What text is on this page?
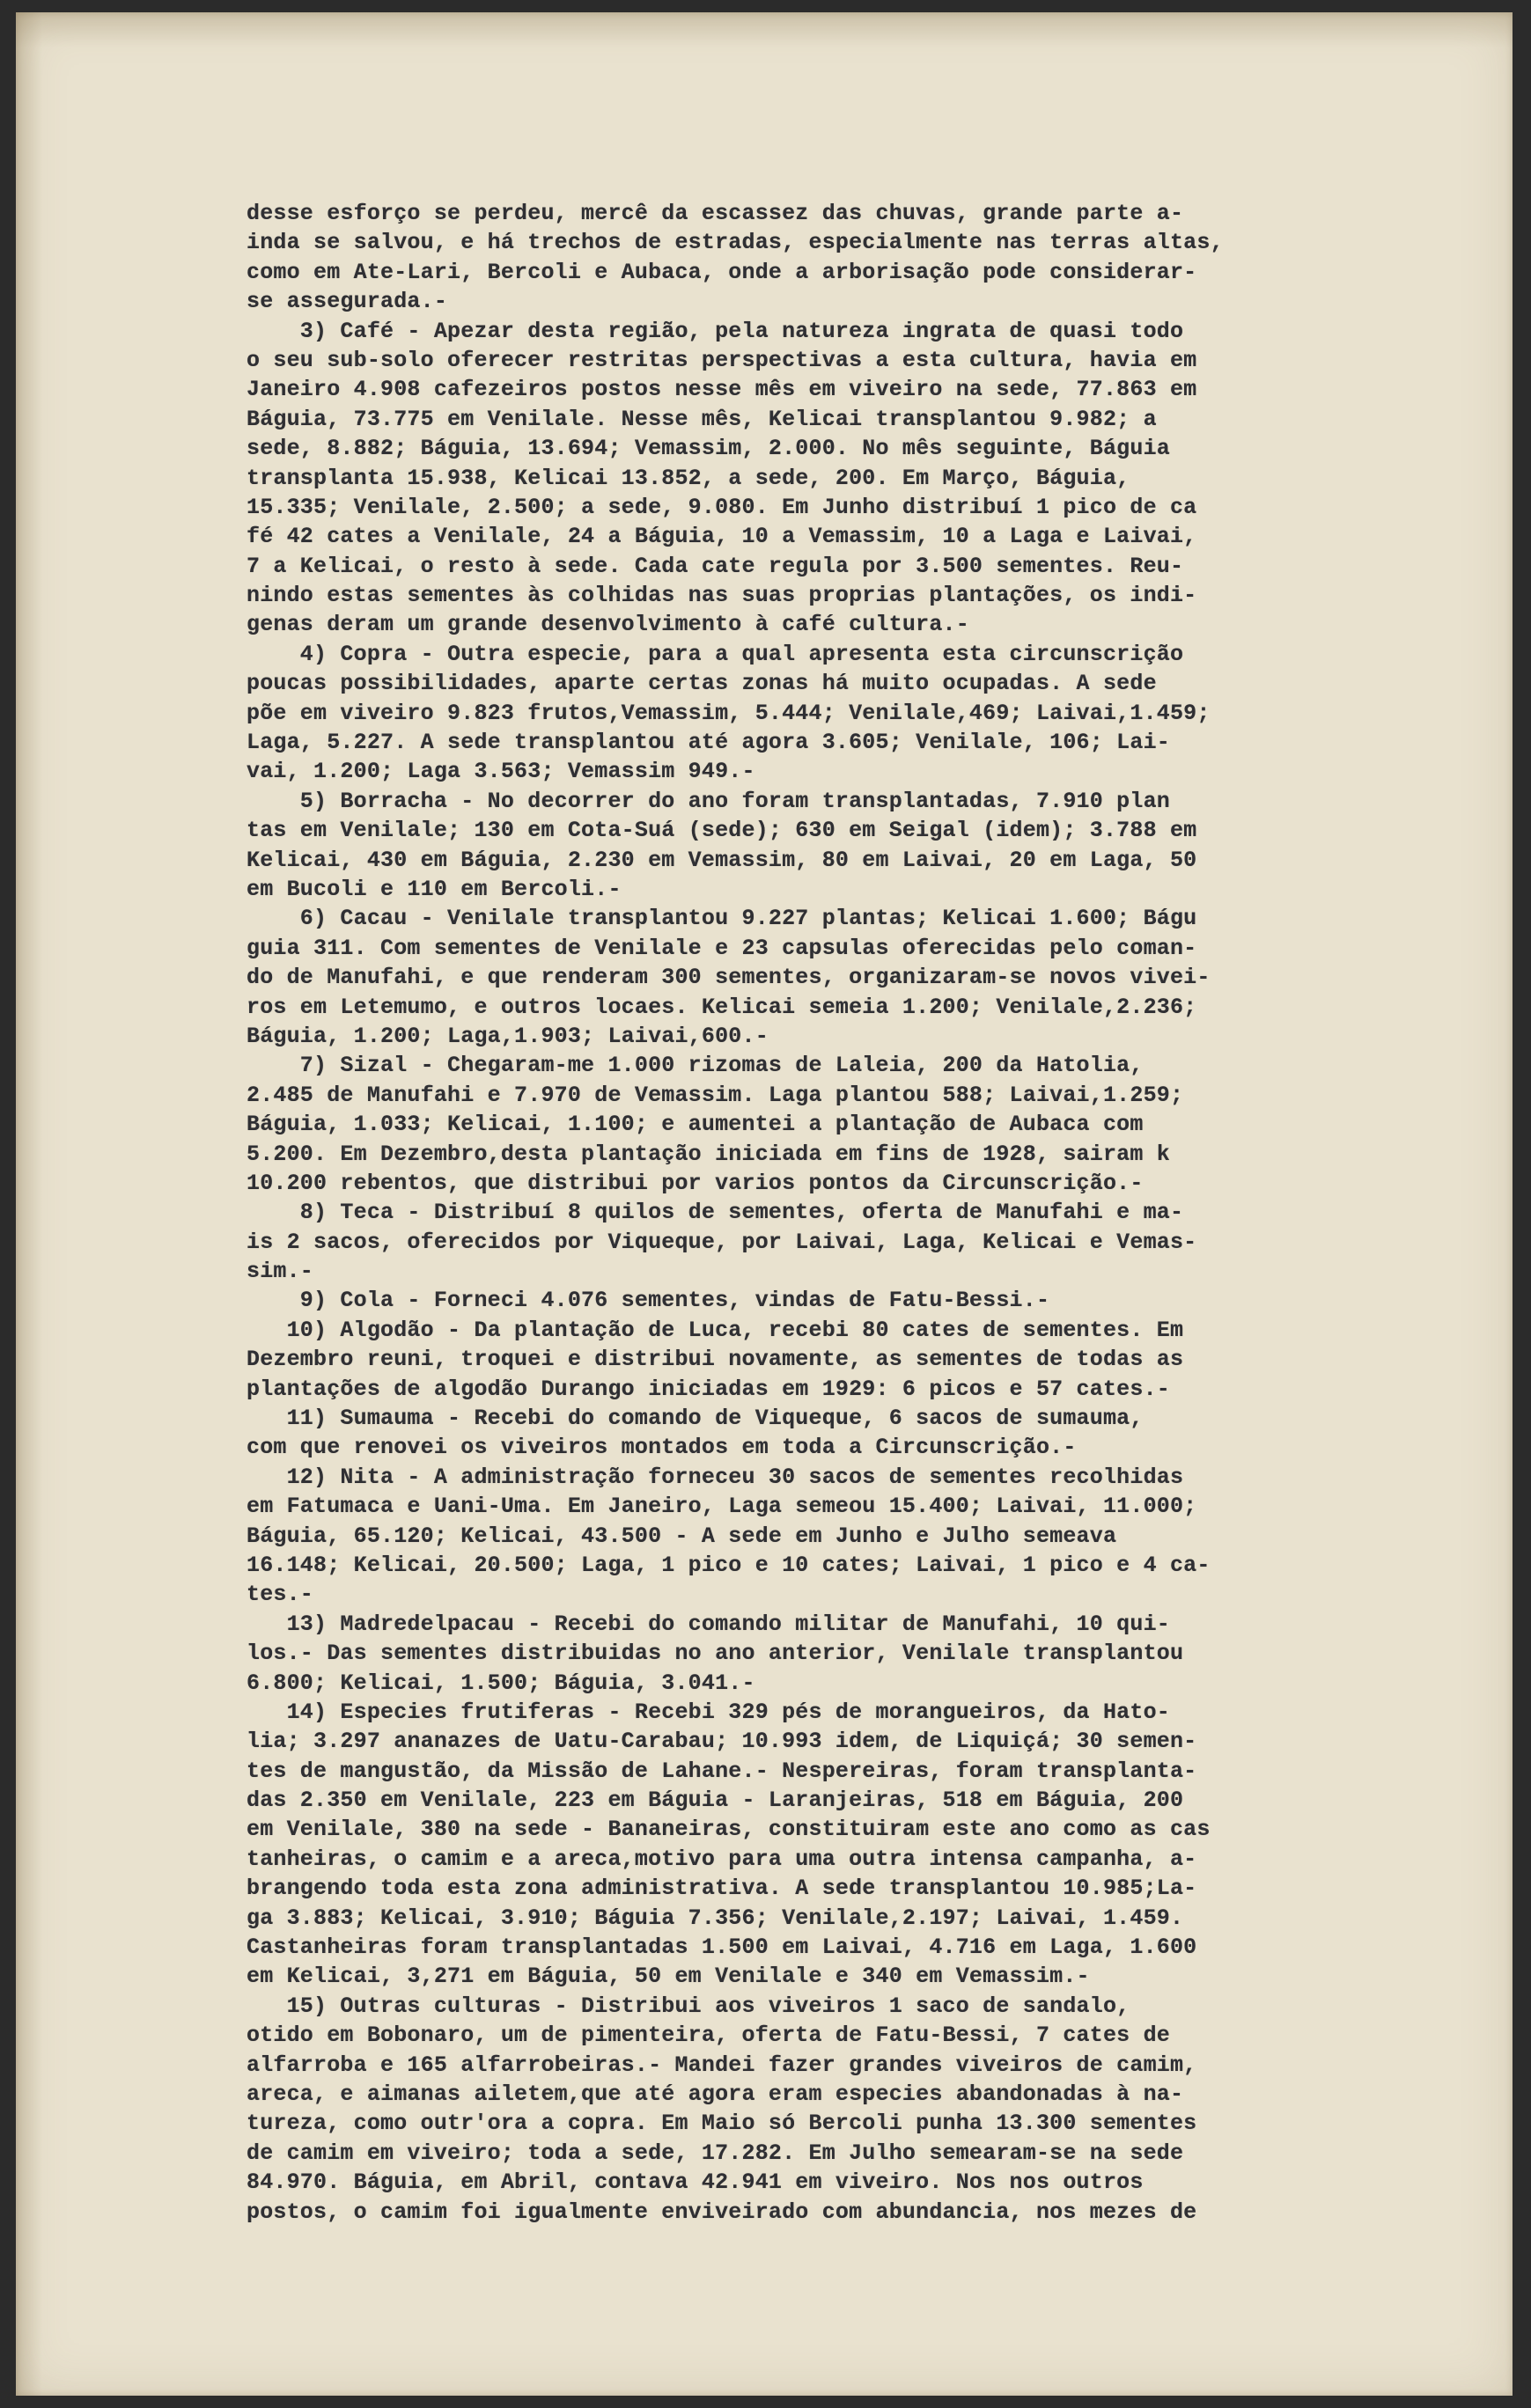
desse esforço se perdeu, mercê da escassez das chuvas, grande parte a-
inda se salvou, e há trechos de estradas, especialmente nas terras altas,
como em Ate-Lari, Bercoli e Aubaca, onde a arborisação pode considerar-
se assegurada.-
3) Café - Apezar desta região, pela natureza ingrata de quasi todo
o seu sub-solo oferecer restritas perspectivas a esta cultura, havia em
Janeiro 4.908 cafezeiros postos nesse mês em viveiro na sede, 77.863 em
Báguia, 73.775 em Venilale. Nesse mês, Kelicai transplantou 9.982; a
sede, 8.882; Báguia, 13.694; Vemassim, 2.000. No mês seguinte, Báguia
transplanta 15.938, Kelicai 13.852, a sede, 200. Em Março, Báguia,
15.335; Venilale, 2.500; a sede, 9.080. Em Junho distribuí 1 pico de ca
fé 42 cates a Venilale, 24 a Báguia, 10 a Vemassim, 10 a Laga e Laivai,
7 a Kelicai, o resto à sede. Cada cate regula por 3.500 sementes. Reu-
nindo estas sementes às colhidas nas suas proprias plantações, os indi-
genas deram um grande desenvolvimento à café cultura.-
4) Copra - Outra especie, para a qual apresenta esta circunscrição
poucas possibilidades, aparte certas zonas há muito ocupadas. A sede
põe em viveiro 9.823 frutos,Vemassim, 5.444; Venilale,469; Laivai,1.459;
Laga, 5.227. A sede transplantou até agora 3.605; Venilale, 106; Lai-
vai, 1.200; Laga 3.563; Vemassim 949.-
5) Borracha - No decorrer do ano foram transplantadas, 7.910 plan
tas em Venilale; 130 em Cota-Suá (sede); 630 em Seigal (idem); 3.788 em
Kelicai, 430 em Báguia, 2.230 em Vemassim, 80 em Laivai, 20 em Laga, 50
em Bucoli e 110 em Bercoli.-
6) Cacau - Venilale transplantou 9.227 plantas; Kelicai 1.600; Bágu
guia 311. Com sementes de Venilale e 23 capsulas oferecidas pelo coman-
do de Manufahi, e que renderam 300 sementes, organizaram-se novos vivei-
ros em Letemumo, e outros locaes. Kelicai semeia 1.200; Venilale,2.236;
Báguia, 1.200; Laga,1.903; Laivai,600.-
7) Sizal - Chegaram-me 1.000 rizomas de Laleia, 200 da Hatolia,
2.485 de Manufahi e 7.970 de Vemassim. Laga plantou 588; Laivai,1.259;
Báguia, 1.033; Kelicai, 1.100; e aumentei a plantação de Aubaca com
5.200. Em Dezembro,desta plantação iniciada em fins de 1928, sairam k
10.200 rebentos, que distribui por varios pontos da Circunscrição.-
8) Teca - Distribuí 8 quilos de sementes, oferta de Manufahi e ma-
is 2 sacos, oferecidos por Viqueque, por Laivai, Laga, Kelicai e Vemas-
sim.-
9) Cola - Forneci 4.076 sementes, vindas de Fatu-Bessi.-
10) Algodão - Da plantação de Luca, recebi 80 cates de sementes. Em
Dezembro reuni, troquei e distribui novamente, as sementes de todas as
plantações de algodão Durango iniciadas em 1929: 6 picos e 57 cates.-
11) Sumauma - Recebi do comando de Viqueque, 6 sacos de sumauma,
com que renovei os viveiros montados em toda a Circunscrição.-
12) Nita - A administração forneceu 30 sacos de sementes recolhidas
em Fatumaca e Uani-Uma. Em Janeiro, Laga semeou 15.400; Laivai, 11.000;
Báguia, 65.120; Kelicai, 43.500 - A sede em Junho e Julho semeava
16.148; Kelicai, 20.500; Laga, 1 pico e 10 cates; Laivai, 1 pico e 4 ca-
tes.-
13) Madredelpacau - Recebi do comando militar de Manufahi, 10 qui-
los.- Das sementes distribuidas no ano anterior, Venilale transplantou
6.800; Kelicai, 1.500; Báguia, 3.041.-
14) Especies frutiferas - Recebi 329 pés de morangueiros, da Hato-
lia; 3.297 ananazes de Uatu-Carabau; 10.993 idem, de Liquiçá; 30 semen-
tes de mangustão, da Missão de Lahane.- Nespereiras, foram transplanta-
das 2.350 em Venilale, 223 em Báguia - Laranjeiras, 518 em Báguia, 200
em Venilale, 380 na sede - Bananeiras, constituiram este ano como as cas
tanheiras, o camim e a areca,motivo para uma outra intensa campanha, a-
brangendo toda esta zona administrativa. A sede transplantou 10.985;La-
ga 3.883; Kelicai, 3.910; Báguia 7.356; Venilale,2.197; Laivai, 1.459.
Castanheiras foram transplantadas 1.500 em Laivai, 4.716 em Laga, 1.600
em Kelicai, 3,271 em Báguia, 50 em Venilale e 340 em Vemassim.-
15) Outras culturas - Distribui aos viveiros 1 saco de sandalo,
otido em Bobonaro, um de pimenteira, oferta de Fatu-Bessi, 7 cates de
alfarroba e 165 alfarrobeiras.- Mandei fazer grandes viveiros de camim,
areca, e aimanas ailetem,que até agora eram especies abandonadas à na-
tureza, como outr'ora a copra. Em Maio só Bercoli punha 13.300 sementes
de camim em viveiro; toda a sede, 17.282. Em Julho semearam-se na sede
84.970. Báguia, em Abril, contava 42.941 em viveiro. Nos nos outros
postos, o camim foi igualmente enviveirado com abundancia, nos mezes de
